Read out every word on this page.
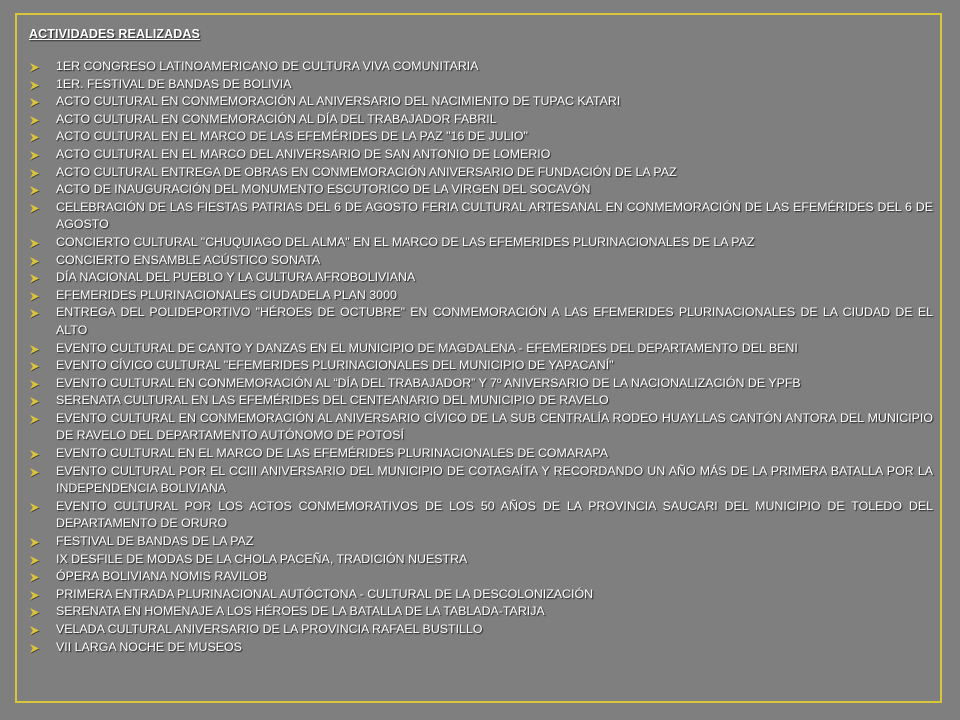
ACTIVIDADES REALIZADAS
1ER CONGRESO LATINOAMERICANO DE CULTURA VIVA COMUNITARIA
1ER. FESTIVAL DE BANDAS DE BOLIVIA
ACTO CULTURAL EN CONMEMORACIÓN AL ANIVERSARIO DEL NACIMIENTO DE TUPAC KATARI
ACTO CULTURAL EN CONMEMORACIÓN AL DÍA DEL TRABAJADOR FABRIL
ACTO CULTURAL EN EL MARCO DE LAS EFEMÉRIDES DE LA PAZ "16 DE JULIO"
ACTO CULTURAL EN EL MARCO DEL ANIVERSARIO DE SAN ANTONIO DE LOMERIO
ACTO CULTURAL ENTREGA DE OBRAS EN CONMEMORACIÓN ANIVERSARIO DE FUNDACIÓN DE LA PAZ
ACTO DE INAUGURACIÓN DEL MONUMENTO ESCUTORICO DE LA VIRGEN DEL SOCAVÓN
CELEBRACIÓN DE LAS FIESTAS PATRIAS DEL 6 DE AGOSTO FERIA CULTURAL ARTESANAL EN CONMEMORACIÓN DE LAS EFEMÉRIDES DEL 6 DE AGOSTO
CONCIERTO CULTURAL "CHUQUIAGO DEL ALMA" EN EL MARCO DE LAS EFEMERIDES PLURINACIONALES DE LA PAZ
CONCIERTO ENSAMBLE ACÚSTICO SONATA
DÍA NACIONAL DEL PUEBLO Y LA CULTURA AFROBOLIVIANA
EFEMERIDES PLURINACIONALES CIUDADELA PLAN 3000
ENTREGA DEL POLIDEPORTIVO "HÉROES DE OCTUBRE" EN CONMEMORACIÓN A LAS EFEMERIDES PLURINACIONALES DE LA CIUDAD DE EL ALTO
EVENTO CULTURAL DE CANTO Y DANZAS EN EL MUNICIPIO DE MAGDALENA - EFEMERIDES DEL DEPARTAMENTO DEL BENI
EVENTO CÍVICO CULTURAL "EFEMERIDES PLURINACIONALES DEL MUNICIPIO DE YAPACANÍ"
EVENTO CULTURAL EN CONMEMORACIÓN AL “DÍA DEL TRABAJADOR” Y 7º ANIVERSARIO DE LA NACIONALIZACIÓN DE YPFB
SERENATA CULTURAL EN LAS EFEMÉRIDES DEL CENTEANARIO DEL MUNICIPIO DE RAVELO
EVENTO CULTURAL EN CONMEMORACIÓN AL ANIVERSARIO CÍVICO DE LA SUB CENTRALÍA RODEO HUAYLLAS CANTÓN ANTORA DEL MUNICIPIO DE RAVELO DEL DEPARTAMENTO AUTÓNOMO DE POTOSÍ
EVENTO CULTURAL EN EL MARCO DE LAS EFEMÉRIDES PLURINACIONALES DE COMARAPA
EVENTO CULTURAL POR EL CCIII ANIVERSARIO DEL MUNICIPIO DE COTAGAÍTA Y RECORDANDO UN AÑO MÁS DE LA PRIMERA BATALLA POR LA INDEPENDENCIA BOLIVIANA
EVENTO CULTURAL POR LOS ACTOS CONMEMORATIVOS DE LOS 50 AÑOS DE LA PROVINCIA SAUCARI DEL MUNICIPIO DE TOLEDO DEL DEPARTAMENTO DE ORURO
FESTIVAL DE BANDAS DE LA PAZ
IX DESFILE DE MODAS DE LA CHOLA PACEÑA, TRADICIÓN NUESTRA
ÓPERA BOLIVIANA NOMIS RAVILOB
PRIMERA ENTRADA PLURINACIONAL AUTÓCTONA - CULTURAL DE LA DESCOLONIZACIÓN
SERENATA EN HOMENAJE A LOS HÉROES DE LA BATALLA DE LA TABLADA-TARIJA
VELADA CULTURAL ANIVERSARIO DE LA PROVINCIA RAFAEL BUSTILLO
VII LARGA NOCHE DE MUSEOS
